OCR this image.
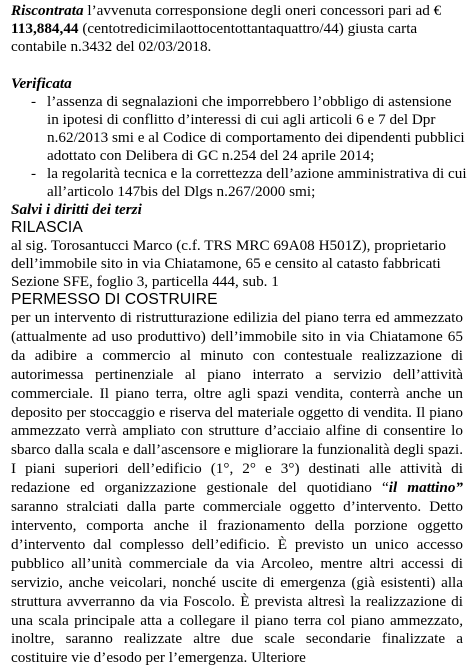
Riscontrata l’avvenuta corresponsione degli oneri concessori pari ad € 113,884,44 (centotredicimilaottocentottantaquattro/44) giusta carta contabile n.3432 del 02/03/2018.

Verificata

- l’assenza di segnalazioni che imporrebbero l’obbligo di astensione in ipotesi di conflitto d’interessi di cui agli articoli 6 e 7 del Dpr n.62/2013 smi e al Codice di comportamento dei dipendenti pubblici adottato con Delibera di GC n.254 del 24 aprile 2014;
- la regolarità tecnica e la correttezza dell’azione amministrativa di cui all’articolo 147bis del Dlgs n.267/2000 smi;

Salvi i diritti dei terzi

RILASCIA

al sig. Torosantucci Marco (c.f. TRS MRC 69A08 H501Z), proprietario dell’immobile sito in via Chiatamone, 65 e censito al catasto fabbricati Sezione SFE, foglio 3, particella 444, sub. 1

PERMESSO DI COSTRUIRE

per un intervento di ristrutturazione edilizia del piano terra ed ammezzato (attualmente ad uso produttivo) dell’immobile sito in via Chiatamone 65 da adibire a commercio al minuto con contestuale realizzazione di autorimessa pertinenziale al piano interrato a servizio dell’attività commerciale. Il piano terra, oltre agli spazi vendita, conterrà anche un deposito per stoccaggio e riserva del materiale oggetto di vendita. Il piano ammezzato verrà ampliato con strutture d’acciaio alfine di consentire lo sbarco dalla scala e dall’ascensore e migliorare la funzionalità degli spazi. I piani superiori dell’edificio (1°, 2° e 3°) destinati alle attività di redazione ed organizzazione gestionale del quotidiano “il mattino” saranno stralciati dalla parte commerciale oggetto d’intervento. Detto intervento, comporta anche il frazionamento della porzione oggetto d’intervento dal complesso dell’edificio. È previsto un unico accesso pubblico all’unità commerciale da via Arcoleo, mentre altri accessi di servizio, anche veicolari, nonché uscite di emergenza (già esistenti) alla struttura avverranno da via Foscolo. È prevista altresì la realizzazione di una scala principale atta a collegare il piano terra col piano ammezzato, inoltre, saranno realizzate altre due scale secondarie finalizzate a costituire vie d’esodo per l’emergenza. Ulteriore
